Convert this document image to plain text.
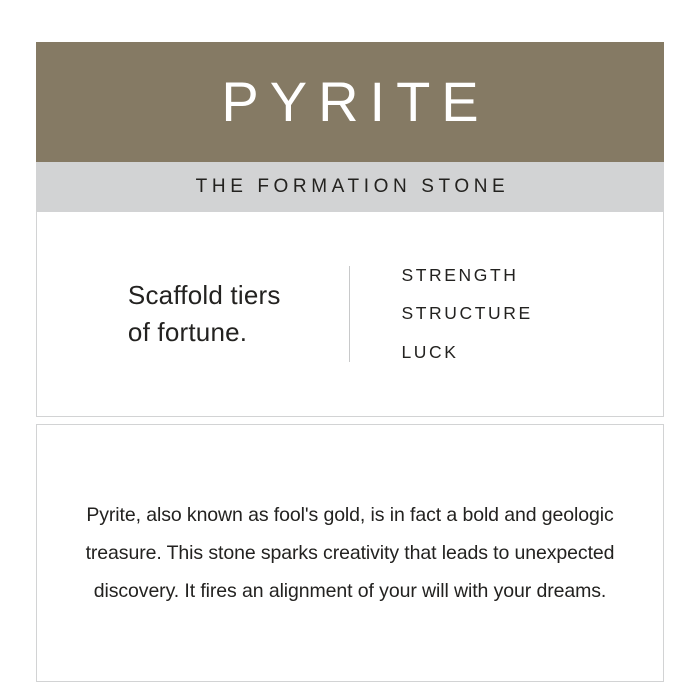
PYRITE
THE FORMATION STONE
Scaffold tiers
of fortune.
STRENGTH
STRUCTURE
LUCK
Pyrite, also known as fool's gold, is in fact a bold and geologic treasure. This stone sparks creativity that leads to unexpected discovery. It fires an alignment of your will with your dreams.
